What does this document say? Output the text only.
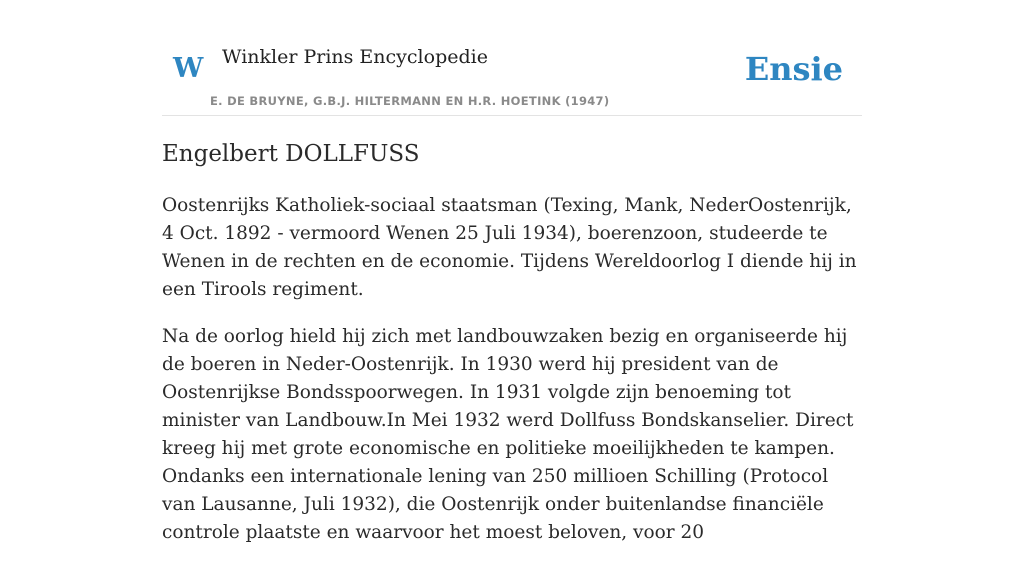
W Winkler Prins Encyclopedie
E. DE BRUYNE, G.B.J. HILTERMANN EN H.R. HOETINK (1947)
Ensie
Engelbert DOLLFUSS

Oostenrijks Katholiek-sociaal staatsman (Texing, Mank, NederOostenrijk, 4 Oct. 1892 - vermoord Wenen 25 Juli 1934), boerenzoon, studeerde te Wenen in de rechten en de economie. Tijdens Wereldoorlog I diende hij in een Tirools regiment.

Na de oorlog hield hij zich met landbouwzaken bezig en organiseerde hij de boeren in Neder-Oostenrijk. In 1930 werd hij president van de Oostenrijkse Bondsspoorwegen. In 1931 volgde zijn benoeming tot minister van Landbouw.In Mei 1932 werd Dollfuss Bondskanselier. Direct kreeg hij met grote economische en politieke moeilijkheden te kampen. Ondanks een internationale lening van 250 millioen Schilling (Protocol van Lausanne, Juli 1932), die Oostenrijk onder buitenlandse financiële controle plaatste en waarvoor het moest beloven, voor 20
